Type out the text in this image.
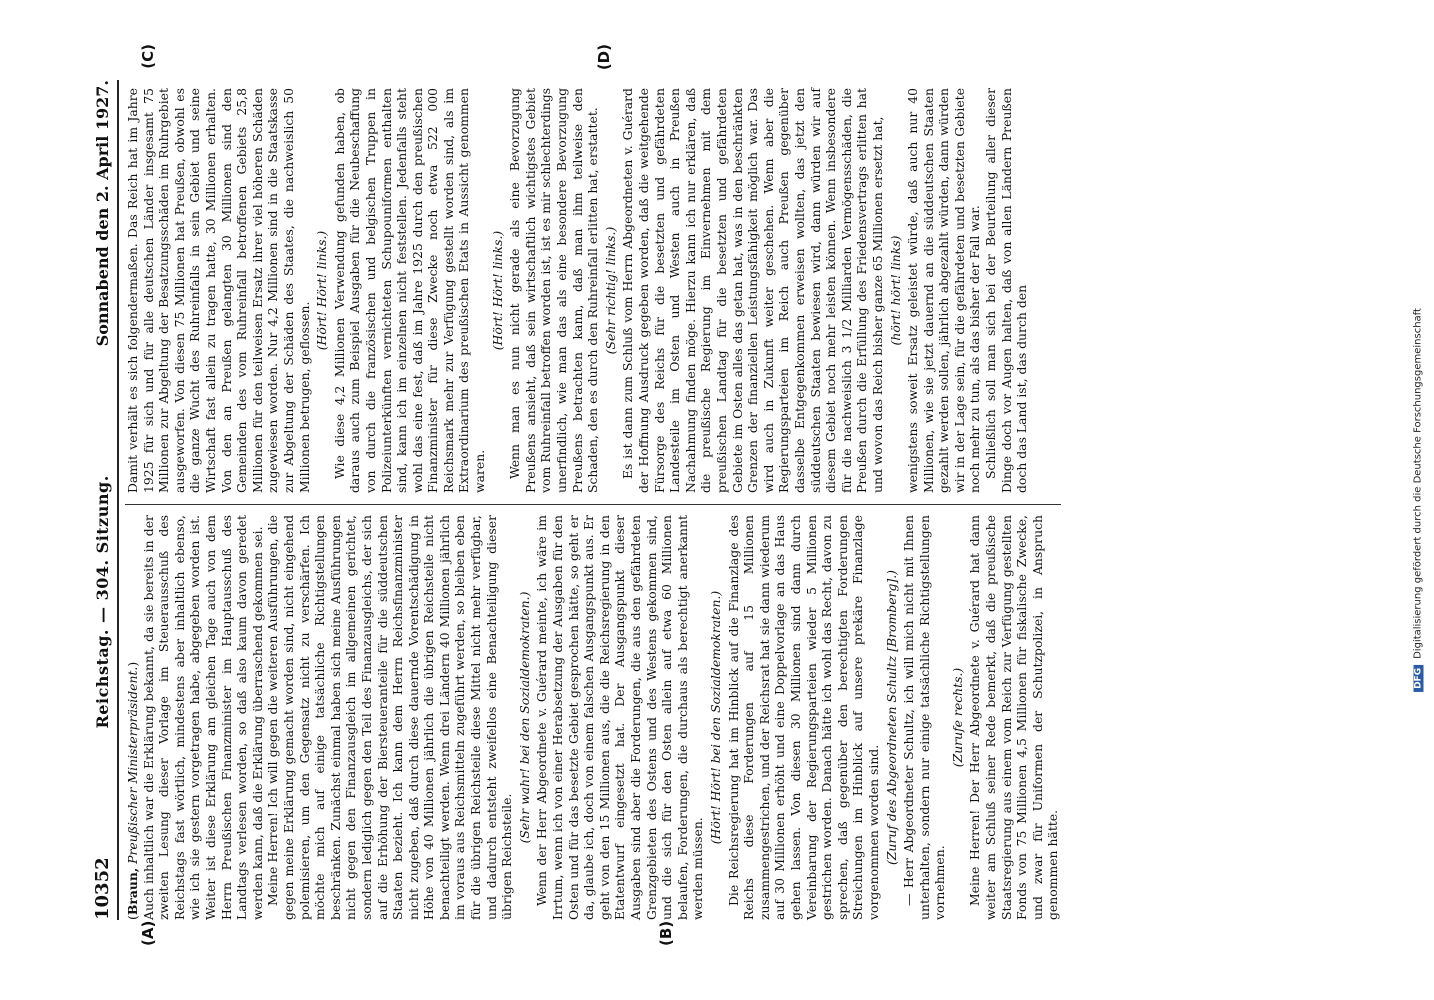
10352
Reichstag. — 304. Sitzung.
Sonnabend den 2. April 1927.
(A)	(B)
(C)	(D)

(Braun, Preußischer Ministerpräsident.) Auch inhaltlich war die Erklärung bekannt, da sie bereits in der zweiten Lesung dieser Vorlage im Steuerausschuß des Reichstags fast wörtlich, mindestens aber inhaltlich ebenso, wie ich sie gestern vorgetragen habe, abgegeben worden ist. Weiter ist diese Erklärung am gleichen Tage auch von dem Herrn Preußischen Finanzminister im Hauptausschuß des Landtags verlesen worden, so daß also kaum davon geredet werden kann, daß die Erklärung überraschend gekommen sei. Meine Herren! Ich will gegen die weiteren Ausführungen, die gegen meine Erklärung gemacht worden sind, nicht eingehend polemisieren, um den Gegensatz nicht zu verschärfen. Ich möchte mich auf einige tatsächliche Richtigstellungen beschränken. Zunächst einmal haben sich meine Ausführungen nicht gegen den Finanzausgleich im allgemeinen gerichtet, sondern lediglich gegen den Teil des Finanzausgleichs, der sich auf die Erhöhung der Biersteueranteile für die süddeutschen Staaten bezieht. Ich kann dem Herrn Reichsfinanzminister nicht zugeben, daß durch diese dauernde Vorentschädigung in Höhe von 40 Millionen jährlich die übrigen Reichsteile nicht benachteiligt werden. Wenn drei Ländern 40 Millionen jährlich im voraus aus Reichsmitteln zugeführt werden, so bleiben eben für die übrigen Reichsteile diese Mittel nicht mehr verfügbar, und dadurch entsteht zweifellos eine Benachteiligung dieser übrigen Reichsteile.

(Sehr wahr! bei den Sozialdemokraten.) Wenn der Herr Abgeordnete v. Guérard meinte, ich wäre im Irrtum, wenn ich von einer Herabsetzung der Ausgaben für den Osten und für das besetzte Gebiet gesprochen hätte, so geht er da, glaube ich, doch von einem falschen Ausgangspunkt aus. Er geht von den 15 Millionen aus, die die Reichsregierung in den Etatentwurf eingesetzt hat. Der Ausgangspunkt dieser Ausgaben sind aber die Forderungen, die aus den gefährdeten Grenzgebieten des Ostens und des Westens gekommen sind, und die sich für den Osten allein auf etwa 60 Millionen belaufen, Forderungen, die durchaus als berechtigt anerkannt werden müssen.

(Hört! Hört! bei den Sozialdemokraten.) Die Reichsregierung hat im Hinblick auf die Finanzlage des Reichs diese Forderungen auf 15 Millionen zusammengestrichen, und der Reichsrat hat sie dann wiederum auf 30 Millionen erhöht und eine Doppelvorlage an das Haus gehen lassen. Von diesen 30 Millionen sind dann durch Vereinbarung der Regierungsparteien wieder 5 Millionen gestrichen worden. Danach hätte ich wohl das Recht, davon zu sprechen, daß gegenüber den berechtigten Forderungen Streichungen im Hinblick auf unsere prekäre Finanzlage vorgenommen worden sind. (Zuruf des Abgeordneten Schultz [Bromberg].) — Herr Abgeordneter Schultz, ich will mich nicht mit Ihnen unterhalten, sondern nur einige tatsächliche Richtigstellungen vornehmen.

(Zurufe rechts.) Meine Herren! Der Herr Abgeordnete v. Guérard hat dann weiter am Schluß seiner Rede bemerkt, daß die preußische Staatsregierung aus einem vom Reich zur Verfügung gestellten Fonds von 75 Millionen 4,5 Millionen für fiskalische Zwecke, und zwar für Uniformen der Schutzpolizei, in Anspruch genommen hätte.

Damit verhält es sich folgendermaßen. Das Reich hat im Jahre 1925 für sich und für alle deutschen Länder insgesamt 75 Millionen zur Abgeltung der Besatzungsschäden im Ruhrgebiet ausgeworfen. Von diesen 75 Millionen hat Preußen, obwohl es die ganze Wucht des Ruhreinfalls in sein Gebiet und seine Wirtschaft fast allein zu tragen hatte, 30 Millionen erhalten. Von den an Preußen gelangten 30 Millionen sind den Gemeinden des vom Ruhreinfall betroffenen Gebiets 25,8 Millionen für den teilweisen Ersatz ihrer viel höheren Schäden zugewiesen worden. Nur 4,2 Millionen sind in die Staatskasse zur Abgeltung der Schäden des Staates, die nachweislich 50 Millionen betrugen, geflossen.

(Hört! Hört! links.) Wie diese 4,2 Millionen Verwendung gefunden haben, ob daraus auch zum Beispiel Ausgaben für die Neubeschaffung von durch die französischen und belgischen Truppen in Polizeiunterkünften vernichteten Schupouniformen enthalten sind, kann ich im einzelnen nicht feststellen. Jedenfalls steht wohl das eine fest, daß im Jahre 1925 durch den preußischen Finanzminister für diese Zwecke noch etwa 522 000 Reichsmark mehr zur Verfügung gestellt worden sind, als im Extraordinarium des preußischen Etats in Aussicht genommen waren.

(Hört! Hört! links.) Wenn man es nun nicht gerade als eine Bevorzugung Preußens ansieht, daß sein wirtschaftlich wichtigstes Gebiet vom Ruhreinfall betroffen worden ist, ist es mir schlechterdings unerfindlich, wie man das als eine besondere Bevorzugung Preußens betrachten kann, daß man ihm teilweise den Schaden, den es durch den Ruhreinfall erlitten hat, erstattet. (Sehr richtig! links.) Es ist dann zum Schluß vom Herrn Abgeordneten v. Guérard der Hoffnung Ausdruck gegeben worden, daß die weitgehende Fürsorge des Reichs für die besetzten und gefährdeten Landesteile im Osten und Westen auch in Preußen Nachahmung finden möge. Hierzu kann ich nur erklären, daß die preußische Regierung im Einvernehmen mit dem preußischen Landtag für die besetzten und gefährdeten Gebiete im Osten alles das getan hat, was in den beschränkten Grenzen der finanziellen Leistungsfähigkeit möglich war. Das wird auch in Zukunft weiter geschehen. Wenn aber die Regierungsparteien im Reich auch Preußen gegenüber dasselbe Entgegenkommen erweisen wollten, das jetzt den süddeutschen Staaten bewiesen wird, dann würden wir auf diesem Gebiet noch mehr leisten können. Wenn insbesondere für die nachweislich 3 1/2 Milliarden Vermögensschäden, die Preußen durch die Erfüllung des Friedensvertrags erlitten hat und wovon das Reich bisher ganze 65 Millionen ersetzt hat, (hört! hört! links) wenigstens soweit Ersatz geleistet würde, daß auch nur 40 Millionen, wie sie jetzt dauernd an die süddeutschen Staaten gezahlt werden sollen, jährlich abgezahlt würden, dann würden wir in der Lage sein, für die gefährdeten und besetzten Gebiete noch mehr zu tun, als das bisher der Fall war. Schließlich soll man sich bei der Beurteilung aller dieser Dinge doch vor Augen halten, daß von allen Ländern Preußen doch das Land ist, das durch den

DFGDigitalisierung gefördert durch die Deutsche Forschungsgemeinschaft
